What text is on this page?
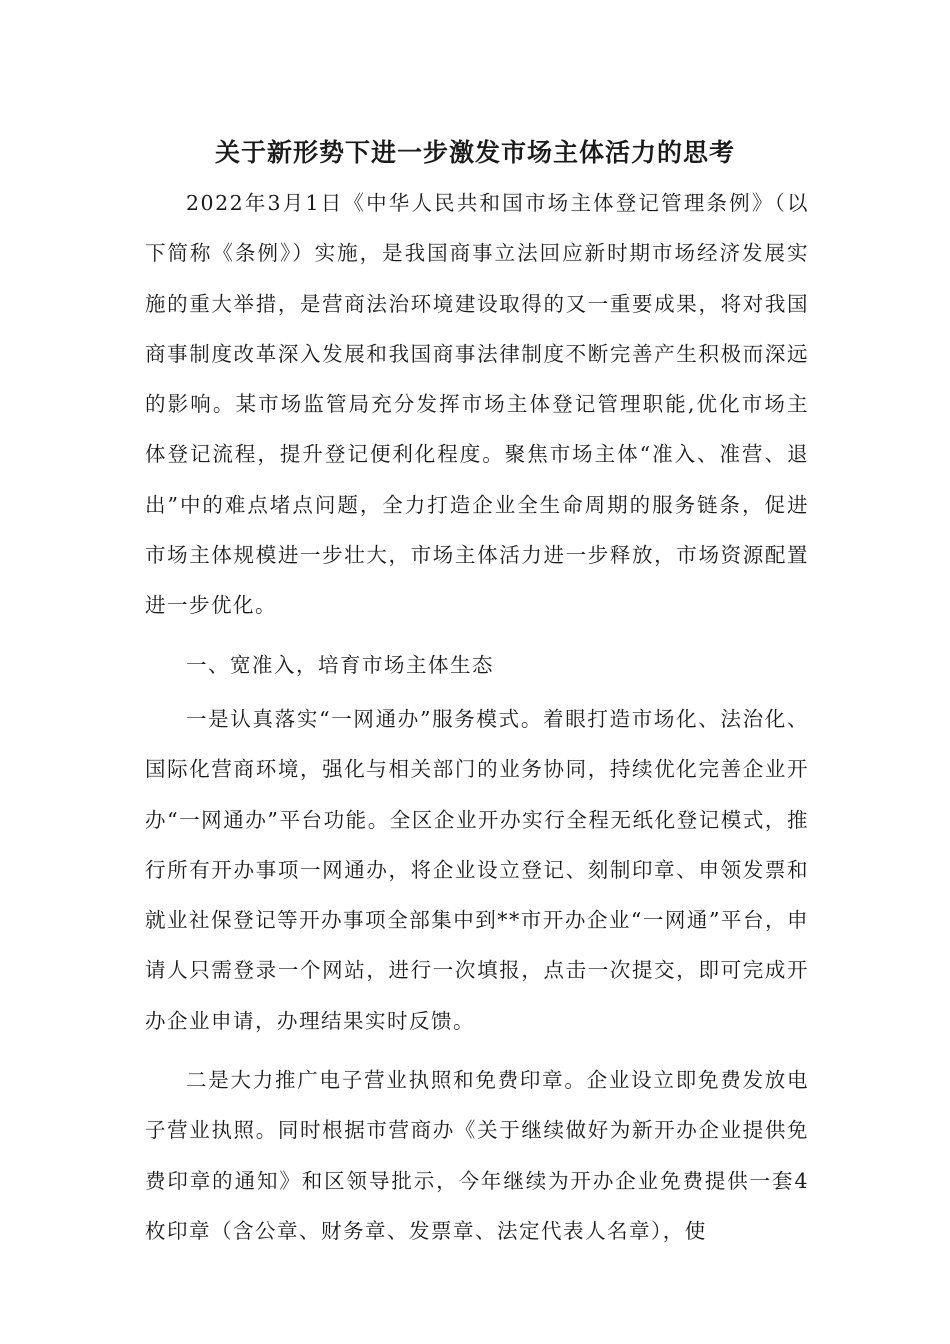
关于新形势下进一步激发市场主体活力的思考

2022年3月1日《中华人民共和国市场主体登记管理条例》（以下简称《条例》）实施，是我国商事立法回应新时期市场经济发展实施的重大举措，是营商法治环境建设取得的又一重要成果，将对我国商事制度改革深入发展和我国商事法律制度不断完善产生积极而深远的影响。某市场监管局充分发挥市场主体登记管理职能,优化市场主体登记流程，提升登记便利化程度。聚焦市场主体“准入、准营、退出”中的难点堵点问题，全力打造企业全生命周期的服务链条，促进市场主体规模进一步壮大，市场主体活力进一步释放，市场资源配置进一步优化。

一、宽准入，培育市场主体生态

一是认真落实“一网通办”服务模式。着眼打造市场化、法治化、国际化营商环境，强化与相关部门的业务协同，持续优化完善企业开办“一网通办”平台功能。全区企业开办实行全程无纸化登记模式，推行所有开办事项一网通办，将企业设立登记、刻制印章、申领发票和就业社保登记等开办事项全部集中到**市开办企业“一网通”平台，申请人只需登录一个网站，进行一次填报，点击一次提交，即可完成开办企业申请，办理结果实时反馈。

二是大力推广电子营业执照和免费印章。企业设立即免费发放电子营业执照。同时根据市营商办《关于继续做好为新开办企业提供免费印章的通知》和区领导批示，今年继续为开办企业免费提供一套4枚印章（含公章、财务章、发票章、法定代表人名章），使
